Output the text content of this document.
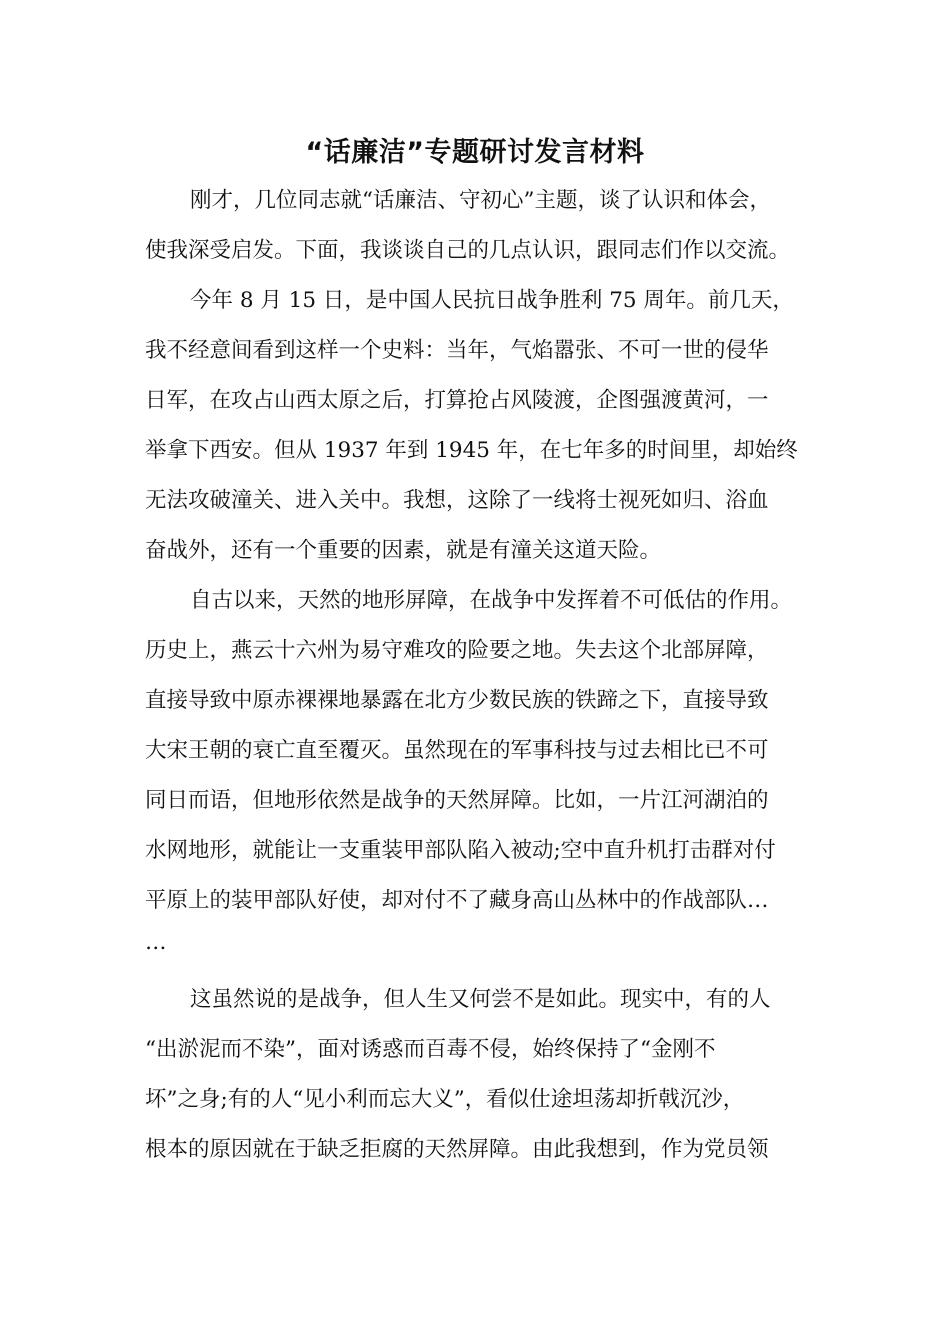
“话廉洁”专题研讨发言材料
刚才，几位同志就“话廉洁、守初心”主题，谈了认识和体会，
使我深受启发。下面，我谈谈自己的几点认识，跟同志们作以交流。
今年 8 月 15 日，是中国人民抗日战争胜利 75 周年。前几天，
我不经意间看到这样一个史料：当年，气焰嚣张、不可一世的侵华
日军，在攻占山西太原之后，打算抢占风陵渡，企图强渡黄河，一
举拿下西安。但从 1937 年到 1945 年，在七年多的时间里，却始终
无法攻破潼关、进入关中。我想，这除了一线将士视死如归、浴血
奋战外，还有一个重要的因素，就是有潼关这道天险。
自古以来，天然的地形屏障，在战争中发挥着不可低估的作用。
历史上，燕云十六州为易守难攻的险要之地。失去这个北部屏障，
直接导致中原赤裸裸地暴露在北方少数民族的铁蹄之下，直接导致
大宋王朝的衰亡直至覆灭。虽然现在的军事科技与过去相比已不可
同日而语，但地形依然是战争的天然屏障。比如，一片江河湖泊的
水网地形，就能让一支重装甲部队陷入被动;空中直升机打击群对付
平原上的装甲部队好使，却对付不了藏身高山丛林中的作战部队…
…
这虽然说的是战争，但人生又何尝不是如此。现实中，有的人
“出淤泥而不染”，面对诱惑而百毒不侵，始终保持了“金刚不
坏”之身;有的人“见小利而忘大义”，看似仕途坦荡却折戟沉沙，
根本的原因就在于缺乏拒腐的天然屏障。由此我想到，作为党员领
